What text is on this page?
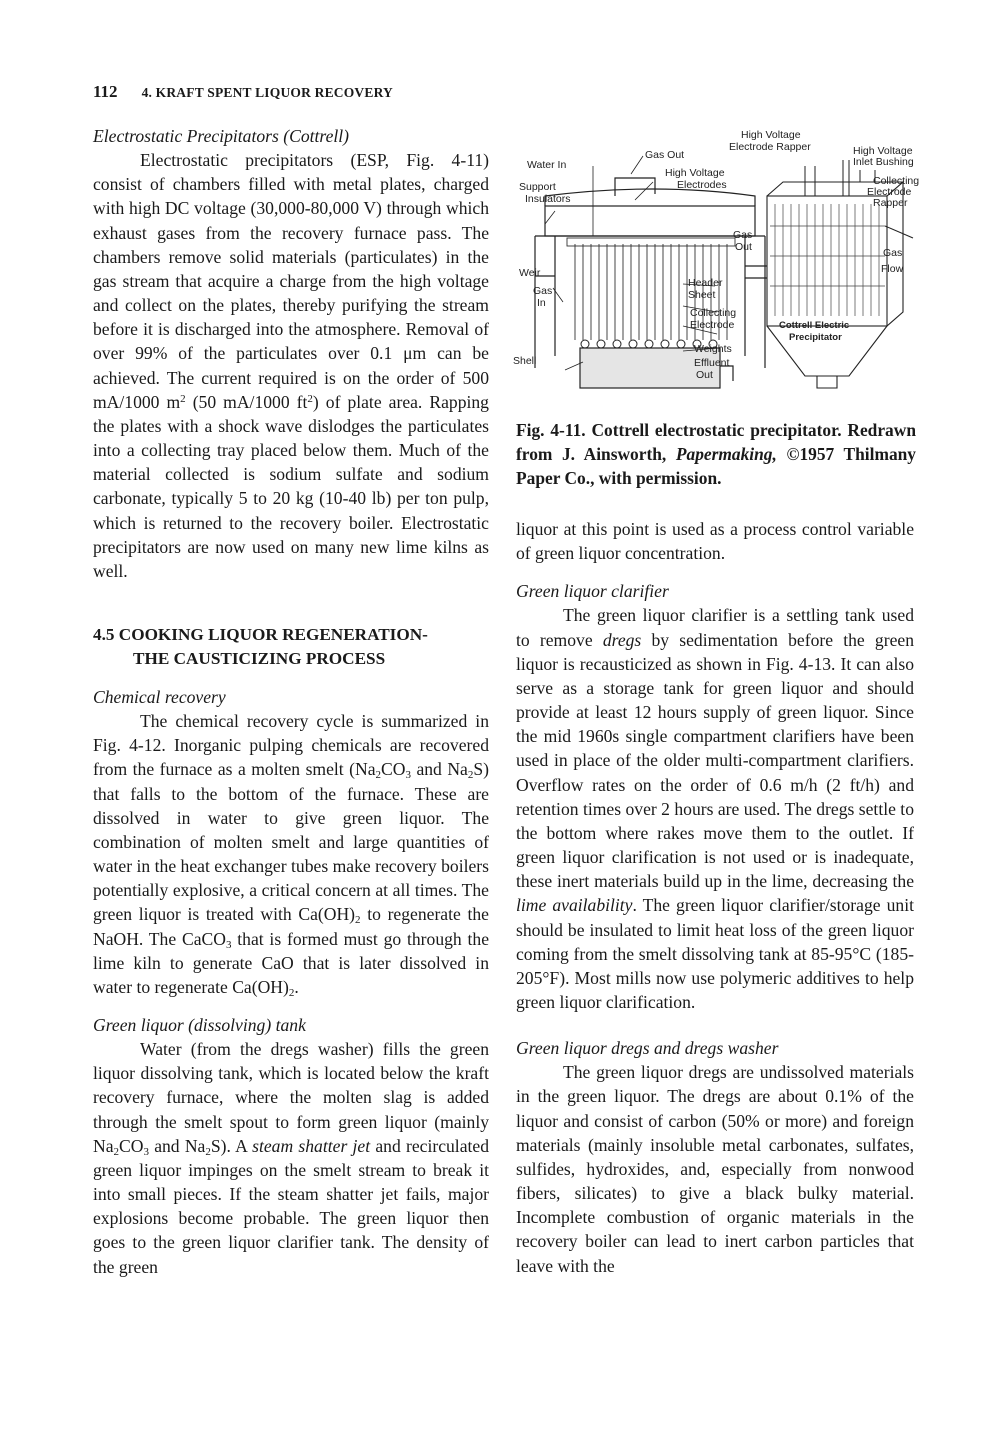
112 4. KRAFT SPENT LIQUOR RECOVERY

Electrostatic Precipitators (Cottrell)

Electrostatic precipitators (ESP, Fig. 4-11) consist of chambers filled with metal plates, charged with high DC voltage (30,000-80,000 V) through which exhaust gases from the recovery furnace pass. The chambers remove solid materials (particulates) in the gas stream that acquire a charge from the high voltage and collect on the plates, thereby purifying the stream before it is discharged into the atmosphere. Removal of over 99% of the particulates over 0.1 μm can be achieved. The current required is on the order of 500 mA/1000 $m^2$ (50 mA/1000 $ft^2$) of plate area. Rapping the plates with a shock wave dislodges the particulates into a collecting tray placed below them. Much of the material collected is sodium sulfate and sodium carbonate, typically 5 to 20 kg (10-40 lb) per ton pulp, which is returned to the recovery boiler. Electrostatic precipitators are now used on many new lime kilns as well.

4.5 COOKING LIQUOR REGENERATION-
THE CAUSTICIZING PROCESS

Chemical recovery

The chemical recovery cycle is summarized in Fig. 4-12. Inorganic pulping chemicals are recovered from the furnace as a molten smelt ($Na_2CO_3$ and $Na_2S$) that falls to the bottom of the furnace. These are dissolved in water to give green liquor. The combination of molten smelt and large quantities of water in the heat exchanger tubes make recovery boilers potentially explosive, a critical concern at all times. The green liquor is treated with $Ca(OH)_2$ to regenerate the NaOH. The CaCO$_3$ that is formed must go through the lime kiln to generate CaO that is later dissolved in water to regenerate $Ca(OH)_2$.

Green liquor (dissolving) tank

Water (from the dregs washer) fills the green liquor dissolving tank, which is located below the kraft recovery furnace, where the molten slag is added through the smelt spout to form green liquor (mainly $Na_2CO_3$ and $Na_2S$). A steam shatter jet and recirculated green liquor impinges on the smelt stream to break it into small pieces. If the steam shatter jet fails, major explosions become probable. The green liquor then goes to the green liquor clarifier tank. The density of the green

Water In
Gas Out
High Voltage
Electrodes
Support
Insulators
Weir
Gas
In
Shell
Gas
Out
Header
Sheet
Collecting
Electrode
Weights
Effluent
Out
High Voltage
Electrode Rapper	High Voltage
Inlet Bushing
Collecting
Electrode
Rapper
Gas
Flow
Cottrell Electric
Precipitator

Fig. 4-11. Cottrell electrostatic precipitator. Redrawn from J. Ainsworth, Papermaking, ©1957 Thilmany Paper Co., with permission.

liquor at this point is used as a process control variable of green liquor concentration.

Green liquor clarifier

The green liquor clarifier is a settling tank used to remove dregs by sedimentation before the green liquor is recausticized as shown in Fig. 4-13. It can also serve as a storage tank for green liquor and should provide at least 12 hours supply of green liquor. Since the mid 1960s single compartment clarifiers have been used in place of the older multi-compartment clarifiers. Overflow rates on the order of 0.6 m/h (2 ft/h) and retention times over 2 hours are used. The dregs settle to the bottom where rakes move them to the outlet. If green liquor clarification is not used or is inadequate, these inert materials build up in the lime, decreasing the lime availability. The green liquor clarifier/storage unit should be insulated to limit heat loss of the green liquor coming from the smelt dissolving tank at 85-95°C (185-205°F). Most mills now use polymeric additives to help green liquor clarification.

Green liquor dregs and dregs washer

The green liquor dregs are undissolved materials in the green liquor. The dregs are about 0.1% of the liquor and consist of carbon (50% or more) and foreign materials (mainly insoluble metal carbonates, sulfates, sulfides, hydroxides, and, especially from nonwood fibers, silicates) to give a black bulky material. Incomplete combustion of organic materials in the recovery boiler can lead to inert carbon particles that leave with the
